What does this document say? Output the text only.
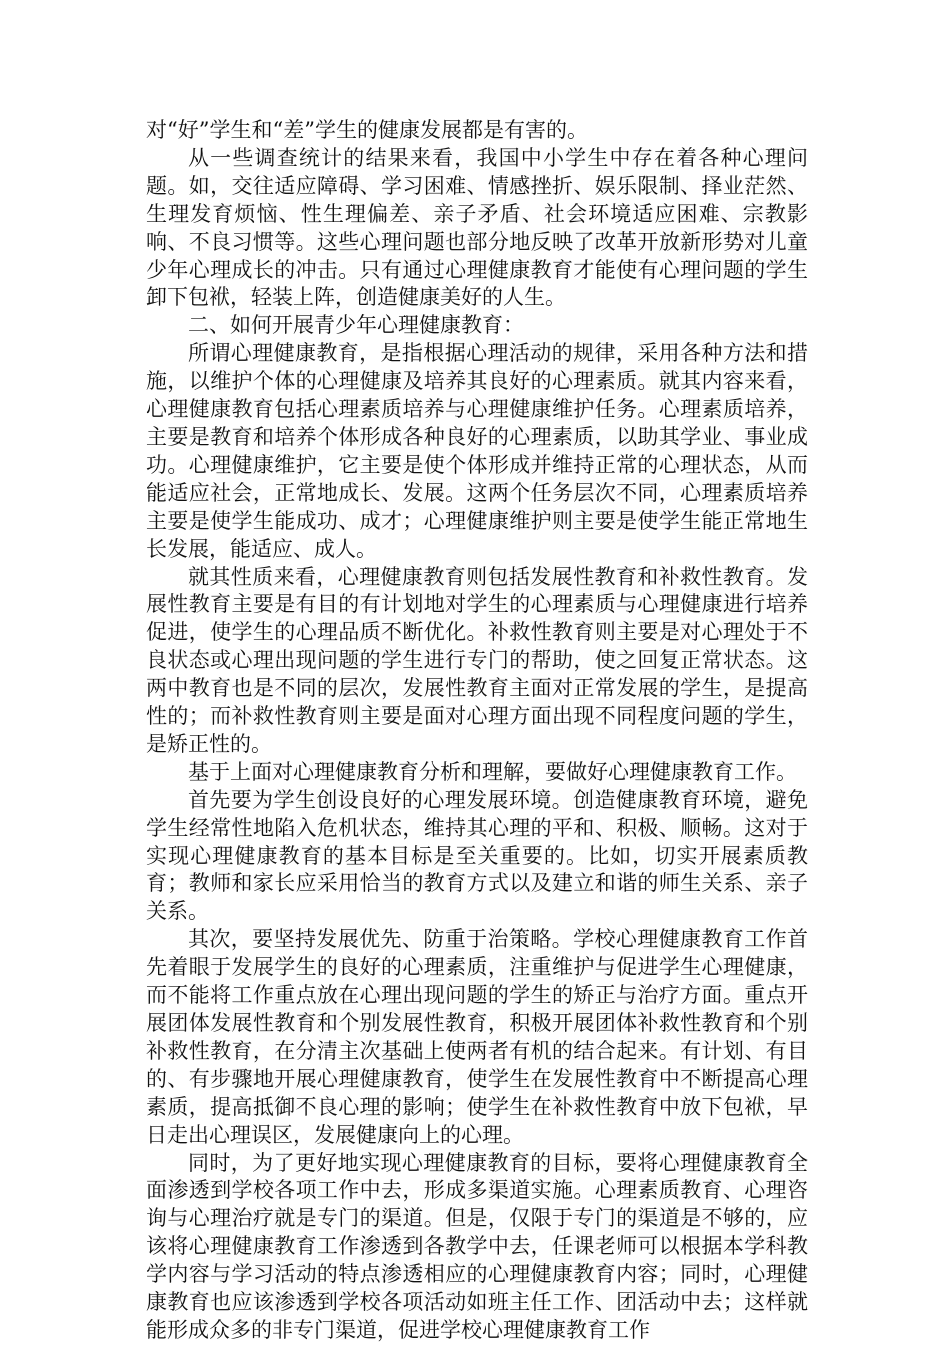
对“好”学生和“差”学生的健康发展都是有害的。

从一些调查统计的结果来看，我国中小学生中存在着各种心理问题。如，交往适应障碍、学习困难、情感挫折、娱乐限制、择业茫然、生理发育烦恼、性生理偏差、亲子矛盾、社会环境适应困难、宗教影响、不良习惯等。这些心理问题也部分地反映了改革开放新形势对儿童少年心理成长的冲击。只有通过心理健康教育才能使有心理问题的学生卸下包袱，轻装上阵，创造健康美好的人生。

二、如何开展青少年心理健康教育：

所谓心理健康教育，是指根据心理活动的规律，采用各种方法和措施，以维护个体的心理健康及培养其良好的心理素质。就其内容来看，心理健康教育包括心理素质培养与心理健康维护任务。心理素质培养，主要是教育和培养个体形成各种良好的心理素质，以助其学业、事业成功。心理健康维护，它主要是使个体形成并维持正常的心理状态，从而能适应社会，正常地成长、发展。这两个任务层次不同，心理素质培养主要是使学生能成功、成才；心理健康维护则主要是使学生能正常地生长发展，能适应、成人。

就其性质来看，心理健康教育则包括发展性教育和补救性教育。发展性教育主要是有目的有计划地对学生的心理素质与心理健康进行培养促进，使学生的心理品质不断优化。补救性教育则主要是对心理处于不良状态或心理出现问题的学生进行专门的帮助，使之回复正常状态。这两中教育也是不同的层次，发展性教育主面对正常发展的学生，是提高性的；而补救性教育则主要是面对心理方面出现不同程度问题的学生，是矫正性的。

基于上面对心理健康教育分析和理解，要做好心理健康教育工作。

首先要为学生创设良好的心理发展环境。创造健康教育环境，避免学生经常性地陷入危机状态，维持其心理的平和、积极、顺畅。这对于实现心理健康教育的基本目标是至关重要的。比如，切实开展素质教育；教师和家长应采用恰当的教育方式以及建立和谐的师生关系、亲子关系。

其次，要坚持发展优先、防重于治策略。学校心理健康教育工作首先着眼于发展学生的良好的心理素质，注重维护与促进学生心理健康，而不能将工作重点放在心理出现问题的学生的矫正与治疗方面。重点开展团体发展性教育和个别发展性教育，积极开展团体补救性教育和个别补救性教育，在分清主次基础上使两者有机的结合起来。有计划、有目的、有步骤地开展心理健康教育，使学生在发展性教育中不断提高心理素质，提高抵御不良心理的影响；使学生在补救性教育中放下包袱，早日走出心理误区，发展健康向上的心理。

同时，为了更好地实现心理健康教育的目标，要将心理健康教育全面渗透到学校各项工作中去，形成多渠道实施。心理素质教育、心理咨询与心理治疗就是专门的渠道。但是，仅限于专门的渠道是不够的，应该将心理健康教育工作渗透到各教学中去，任课老师可以根据本学科教学内容与学习活动的特点渗透相应的心理健康教育内容；同时，心理健康教育也应该渗透到学校各项活动如班主任工作、团活动中去；这样就能形成众多的非专门渠道，促进学校心理健康教育工作
